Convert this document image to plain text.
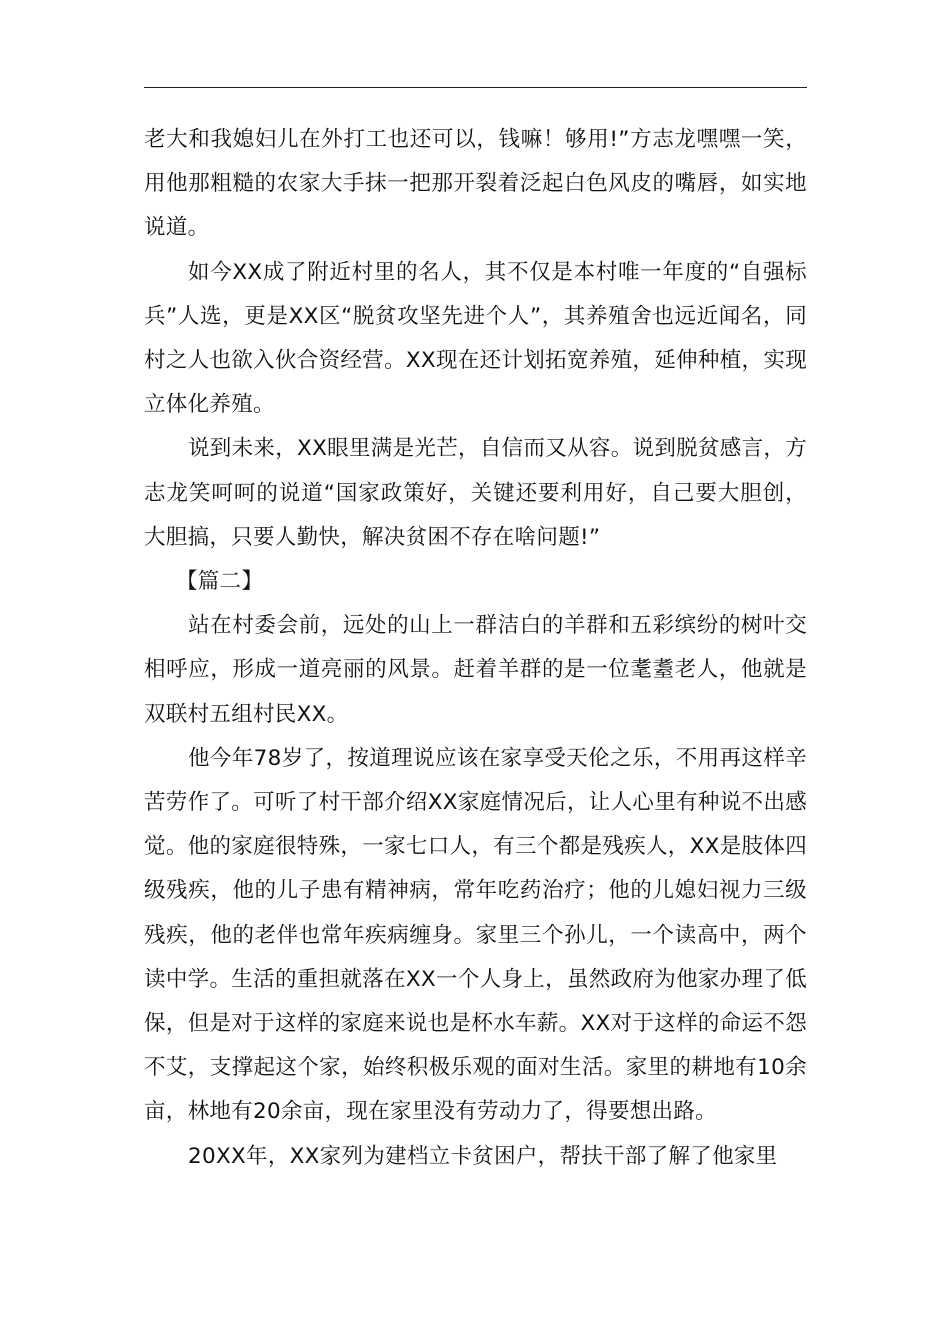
老大和我媳妇儿在外打工也还可以，钱嘛！够用!”方志龙嘿嘿一笑，用他那粗糙的农家大手抹一把那开裂着泛起白色风皮的嘴唇，如实地说道。

如今XX成了附近村里的名人，其不仅是本村唯一年度的“自强标兵”人选，更是XX区“脱贫攻坚先进个人”，其养殖舍也远近闻名，同村之人也欲入伙合资经营。XX现在还计划拓宽养殖，延伸种植，实现立体化养殖。

说到未来，XX眼里满是光芒，自信而又从容。说到脱贫感言，方志龙笑呵呵的说道“国家政策好，关键还要利用好，自己要大胆创，大胆搞，只要人勤快，解决贫困不存在啥问题!”

【篇二】

站在村委会前，远处的山上一群洁白的羊群和五彩缤纷的树叶交相呼应，形成一道亮丽的风景。赶着羊群的是一位耄耋老人，他就是双联村五组村民XX。

他今年78岁了，按道理说应该在家享受天伦之乐，不用再这样辛苦劳作了。可听了村干部介绍XX家庭情况后，让人心里有种说不出感觉。他的家庭很特殊，一家七口人，有三个都是残疾人，XX是肢体四级残疾，他的儿子患有精神病，常年吃药治疗；他的儿媳妇视力三级残疾，他的老伴也常年疾病缠身。家里三个孙儿，一个读高中，两个读中学。生活的重担就落在XX一个人身上，虽然政府为他家办理了低保，但是对于这样的家庭来说也是杯水车薪。XX对于这样的命运不怨不艾，支撑起这个家，始终积极乐观的面对生活。家里的耕地有10余亩，林地有20余亩，现在家里没有劳动力了，得要想出路。

20XX年，XX家列为建档立卡贫困户，帮扶干部了解了他家里
